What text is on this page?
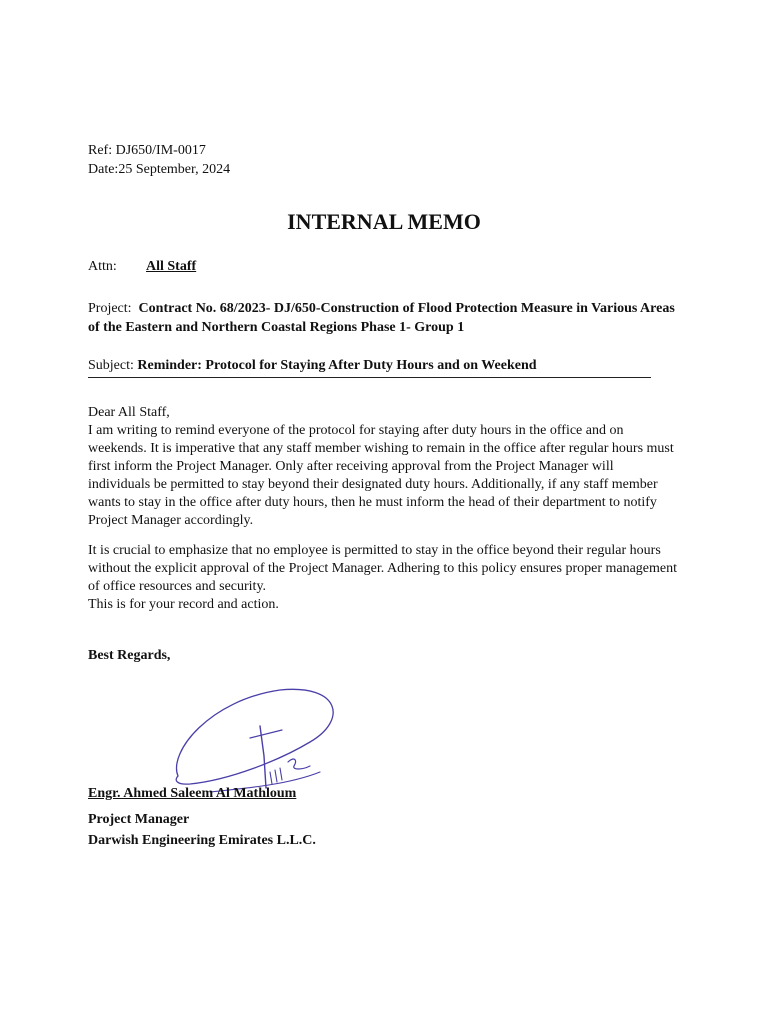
Ref: DJ650/IM-0017
Date:25 September, 2024
INTERNAL MEMO
Attn: All Staff
Project: Contract No. 68/2023- DJ/650-Construction of Flood Protection Measure in Various Areas of the Eastern and Northern Coastal Regions Phase 1- Group 1
Subject: Reminder: Protocol for Staying After Duty Hours and on Weekend

Dear All Staff,

I am writing to remind everyone of the protocol for staying after duty hours in the office and on weekends. It is imperative that any staff member wishing to remain in the office after regular hours must first inform the Project Manager. Only after receiving approval from the Project Manager will individuals be permitted to stay beyond their designated duty hours. Additionally, if any staff member wants to stay in the office after duty hours, then he must inform the head of their department to notify Project Manager accordingly.

It is crucial to emphasize that no employee is permitted to stay in the office beyond their regular hours without the explicit approval of the Project Manager. Adhering to this policy ensures proper management of office resources and security.

This is for your record and action.

Best Regards,
Engr. Ahmed Saleem Al Mathloum
Project Manager
Darwish Engineering Emirates L.L.C.
